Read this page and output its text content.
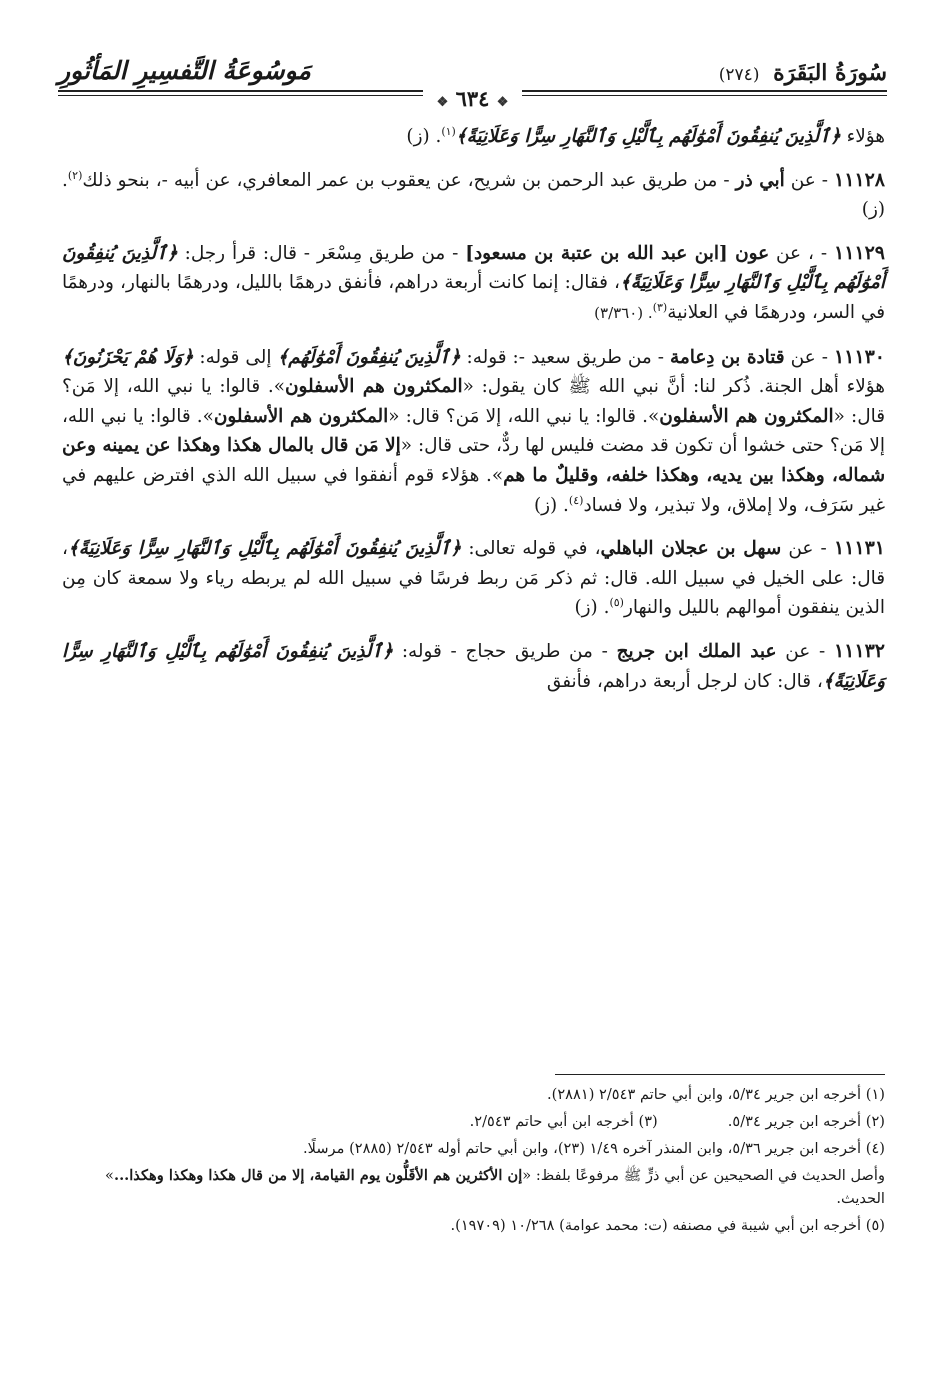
سُورَةُ البَقَرَة (٢٧٤)
❖ ٦٣٤ ❖
مَوسُوعَةُ التَّفسِيرِ المَأثُورِ

هؤلاء ﴿ٱلَّذِينَ يُنفِقُونَ أَمْوَٰلَهُم بِٱلَّيْلِ وَٱلنَّهَارِ سِرًّا وَعَلَانِيَةً﴾$^{(١)}$. (ز)

١١١٢٨ - عن أبي ذر - من طريق عبد الرحمن بن شريح، عن يعقوب بن عمر المعافري، عن أبيه -، بنحو ذلك$^{(٢)}$. (ز)

١١١٢٩ - ، عن عون [ابن عبد الله بن عتبة بن مسعود] - من طريق مِسْعَر - قال: قرأ رجل: ﴿ٱلَّذِينَ يُنفِقُونَ أَمْوَٰلَهُم بِٱلَّيْلِ وَٱلنَّهَارِ سِرًّا وَعَلَانِيَةً﴾، فقال: إنما كانت أربعة دراهم، فأنفق درهمًا بالليل، ودرهمًا بالنهار، ودرهمًا في السر، ودرهمًا في العلانية$^{(٣)}$. (٣/٣٦٠)

١١١٣٠ - عن قتادة بن دِعامة - من طريق سعيد -: قوله: ﴿ٱلَّذِينَ يُنفِقُونَ أَمْوَٰلَهُم﴾ إلى قوله: ﴿وَلَا هُمْ يَحْزَنُونَ﴾ هؤلاء أهل الجنة. ذُكر لنا: أنَّ نبي الله ﷺ كان يقول: «المكثرون هم الأسفلون». قالوا: يا نبي الله، إلا مَن؟ قال: «المكثرون هم الأسفلون». قالوا: يا نبي الله، إلا مَن؟ قال: «المكثرون هم الأسفلون». قالوا: يا نبي الله، إلا مَن؟ حتى خشوا أن تكون قد مضت فليس لها ردٌّ، حتى قال: «إلا مَن قال بالمال هكذا وهكذا عن يمينه وعن شماله، وهكذا بين يديه، وهكذا خلفه، وقليلٌ ما هم». هؤلاء قوم أنفقوا في سبيل الله الذي افترض عليهم في غير سَرَف، ولا إملاق، ولا تبذير، ولا فساد$^{(٤)}$. (ز)

١١١٣١ - عن سهل بن عجلان الباهلي، في قوله تعالى: ﴿ٱلَّذِينَ يُنفِقُونَ أَمْوَٰلَهُم بِٱلَّيْلِ وَٱلنَّهَارِ سِرًّا وَعَلَانِيَةً﴾، قال: على الخيل في سبيل الله. قال: ثم ذكر مَن ربط فرسًا في سبيل الله لم يربطه رياء ولا سمعة كان مِن الذين ينفقون أموالهم بالليل والنهار$^{(٥)}$. (ز)

١١١٣٢ - عن عبد الملك ابن جريج - من طريق حجاج - قوله: ﴿ٱلَّذِينَ يُنفِقُونَ أَمْوَٰلَهُم بِٱلَّيْلِ وَٱلنَّهَارِ سِرًّا وَعَلَانِيَةً﴾، قال: كان لرجل أربعة دراهم، فأنفق

(١) أخرجه ابن جرير ٥/٣٤، وابن أبي حاتم ٢/٥٤٣ (٢٨٨١).
(٢) أخرجه ابن جرير ٥/٣٤.
(٣) أخرجه ابن أبي حاتم ٢/٥٤٣.
(٤) أخرجه ابن جرير ٥/٣٦، وابن المنذر آخره ١/٤٩ (٢٣)، وابن أبي حاتم أوله ٢/٥٤٣ (٢٨٨٥) مرسلًا.
وأصل الحديث في الصحيحين عن أبي ذرٍّ ﷺ مرفوعًا بلفظ: «إن الأكثرين هم الأقَلُّون يوم القيامة، إلا من قال هكذا وهكذا وهكذا...» الحديث.
(٥) أخرجه ابن أبي شيبة في مصنفه (ت: محمد عوامة) ١٠/٢٦٨ (١٩٧٠٩).
